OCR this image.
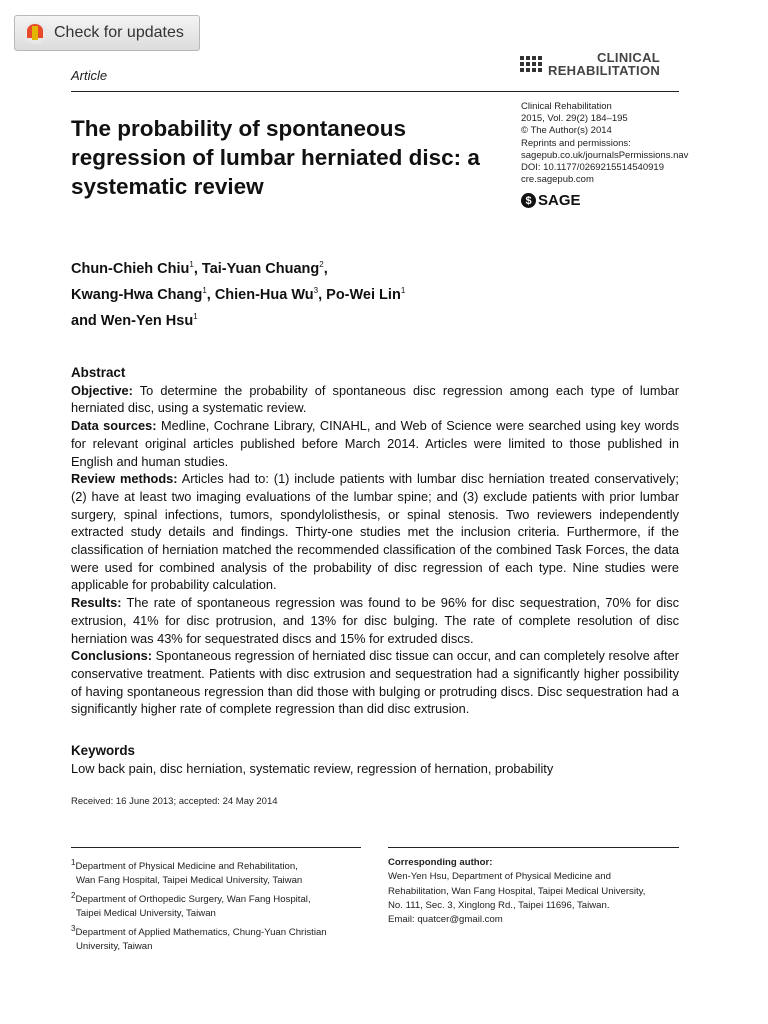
Check for updates
Article
CLINICAL
REHABILITATION
The probability of spontaneous regression of lumbar herniated disc: a systematic review
Clinical Rehabilitation
2015, Vol. 29(2) 184–195
© The Author(s) 2014
Reprints and permissions:
sagepub.co.uk/journalsPermissions.nav
DOI: 10.1177/0269215514540919
cre.sagepub.com
$ SAGE
Chun-Chieh Chiu$^1$, Tai-Yuan Chuang$^2$,
Kwang-Hwa Chang$^1$, Chien-Hua Wu$^3$, Po-Wei Lin$^1$
and Wen-Yen Hsu$^1$
Abstract

Objective: To determine the probability of spontaneous disc regression among each type of lumbar herniated disc, using a systematic review.

Data sources: Medline, Cochrane Library, CINAHL, and Web of Science were searched using key words for relevant original articles published before March 2014. Articles were limited to those published in English and human studies.

Review methods: Articles had to: (1) include patients with lumbar disc herniation treated conservatively; (2) have at least two imaging evaluations of the lumbar spine; and (3) exclude patients with prior lumbar surgery, spinal infections, tumors, spondylolisthesis, or spinal stenosis. Two reviewers independently extracted study details and findings. Thirty-one studies met the inclusion criteria. Furthermore, if the classification of herniation matched the recommended classification of the combined Task Forces, the data were used for combined analysis of the probability of disc regression of each type. Nine studies were applicable for probability calculation.

Results: The rate of spontaneous regression was found to be 96% for disc sequestration, 70% for disc extrusion, 41% for disc protrusion, and 13% for disc bulging. The rate of complete resolution of disc herniation was 43% for sequestrated discs and 15% for extruded discs.

Conclusions: Spontaneous regression of herniated disc tissue can occur, and can completely resolve after conservative treatment. Patients with disc extrusion and sequestration had a significantly higher possibility of having spontaneous regression than did those with bulging or protruding discs. Disc sequestration had a significantly higher rate of complete regression than did disc extrusion.

Keywords
Low back pain, disc herniation, systematic review, regression of hernation, probability
Received: 16 June 2013; accepted: 24 May 2014
$^1$Department of Physical Medicine and Rehabilitation,
Wan Fang Hospital, Taipei Medical University, Taiwan
$^2$Department of Orthopedic Surgery, Wan Fang Hospital,
Taipei Medical University, Taiwan
$^3$Department of Applied Mathematics, Chung-Yuan Christian
University, Taiwan
Corresponding author:
Wen-Yen Hsu, Department of Physical Medicine and
Rehabilitation, Wan Fang Hospital, Taipei Medical University,
No. 111, Sec. 3, Xinglong Rd., Taipei 11696, Taiwan.
Email: quatcer@gmail.com
